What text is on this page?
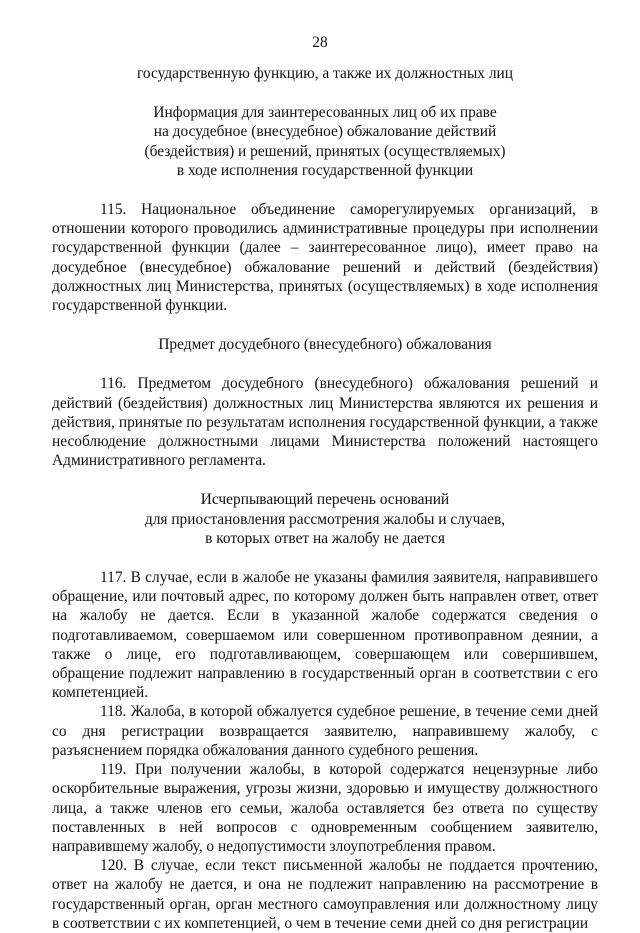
28

государственную функцию, а также их должностных лиц

Информация для заинтересованных лиц об их праве
на досудебное (внесудебное) обжалование действий
(бездействия) и решений, принятых (осуществляемых)
в ходе исполнения государственной функции

115. Национальное объединение саморегулируемых организаций, в отношении которого проводились административные процедуры при исполнении государственной функции (далее – заинтересованное лицо), имеет право на досудебное (внесудебное) обжалование решений и действий (бездействия) должностных лиц Министерства, принятых (осуществляемых) в ходе исполнения государственной функции.

Предмет досудебного (внесудебного) обжалования

116. Предметом досудебного (внесудебного) обжалования решений и действий (бездействия) должностных лиц Министерства являются их решения и действия, принятые по результатам исполнения государственной функции, а также несоблюдение должностными лицами Министерства положений настоящего Административного регламента.

Исчерпывающий перечень оснований
для приостановления рассмотрения жалобы и случаев,
в которых ответ на жалобу не дается

117. В случае, если в жалобе не указаны фамилия заявителя, направившего обращение, или почтовый адрес, по которому должен быть направлен ответ, ответ на жалобу не дается. Если в указанной жалобе содержатся сведения о подготавливаемом, совершаемом или совершенном противоправном деянии, а также о лице, его подготавливающем, совершающем или совершившем, обращение подлежит направлению в государственный орган в соответствии с его компетенцией.

118. Жалоба, в которой обжалуется судебное решение, в течение семи дней со дня регистрации возвращается заявителю, направившему жалобу, с разъяснением порядка обжалования данного судебного решения.

119. При получении жалобы, в которой содержатся нецензурные либо оскорбительные выражения, угрозы жизни, здоровью и имуществу должностного лица, а также членов его семьи, жалоба оставляется без ответа по существу поставленных в ней вопросов с одновременным сообщением заявителю, направившему жалобу, о недопустимости злоупотребления правом.

120. В случае, если текст письменной жалобы не поддается прочтению, ответ на жалобу не дается, и она не подлежит направлению на рассмотрение в государственный орган, орган местного самоуправления или должностному лицу в соответствии с их компетенцией, о чем в течение семи дней со дня регистрации
